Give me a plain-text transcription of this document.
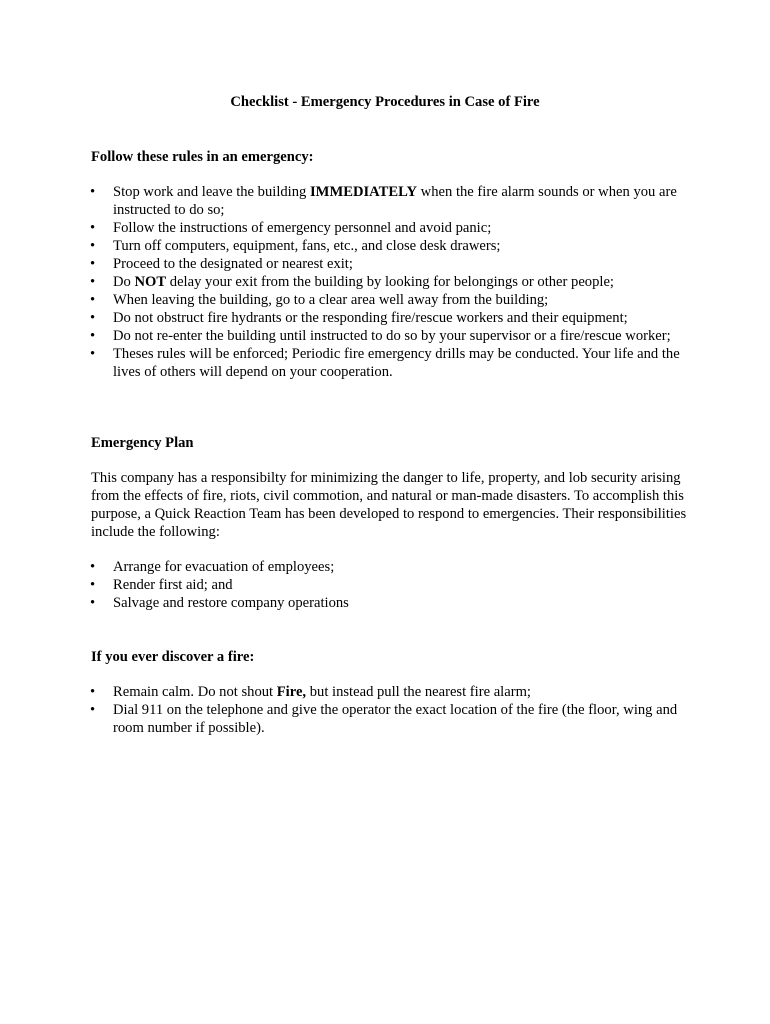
Checklist - Emergency Procedures in Case of Fire

Follow these rules in an emergency:

•	Stop work and leave the building IMMEDIATELY when the fire alarm sounds or when you are instructed to do so;
•	Follow the instructions of emergency personnel and avoid panic;
•	Turn off computers, equipment, fans, etc., and close desk drawers;
•	Proceed to the designated or nearest exit;
•	Do NOT delay your exit from the building by looking for belongings or other people;
•	When leaving the building, go to a clear area well away from the building;
•	Do not obstruct fire hydrants or the responding fire/rescue workers and their equipment;
•	Do not re-enter the building until instructed to do so by your supervisor or a fire/rescue worker;
•	Theses rules will be enforced; Periodic fire emergency drills may be conducted. Your life and the lives of others will depend on your cooperation.

Emergency Plan

This company has a responsibilty for minimizing the danger to life, property, and lob security arising from the effects of fire, riots, civil commotion, and natural or man-made disasters. To accomplish this purpose, a Quick Reaction Team has been developed to respond to emergencies. Their responsibilities include the following:

•	Arrange for evacuation of employees;
•	Render first aid; and
•	Salvage and restore company operations

If you ever discover a fire:

•	Remain calm. Do not shout Fire, but instead pull the nearest fire alarm;
•	Dial 911 on the telephone and give the operator the exact location of the fire (the floor, wing and room number if possible).
